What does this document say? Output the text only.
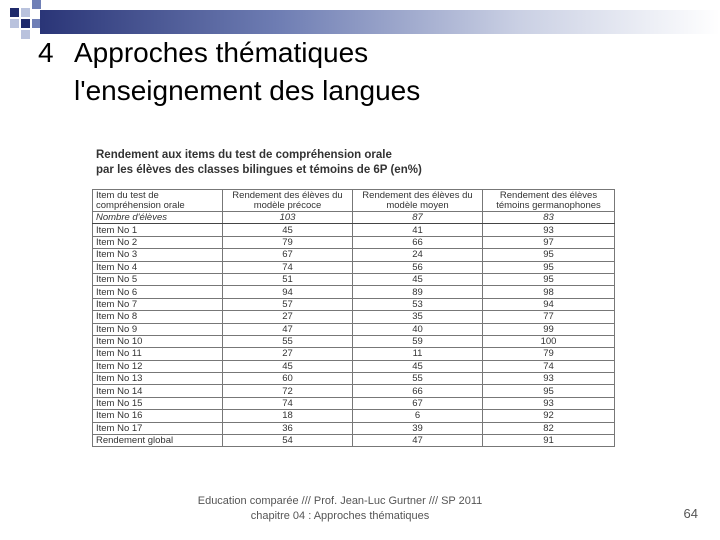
4 Approches thématiques
l'enseignement des langues
Rendement aux items du test de compréhension orale
par les élèves des classes bilingues et témoins de 6P (en%)
Item du test de compréhension orale	Rendement des élèves du modèle précoce	Rendement des élèves du modèle moyen	Rendement des élèves témoins germanophones
Nombre d'élèves	103	87	83
Item No 1	45	41	93
Item No 2	79	66	97
Item No 3	67	24	95
Item No 4	74	56	95
Item No 5	51	45	95
Item No 6	94	89	98
Item No 7	57	53	94
Item No 8	27	35	77
Item No 9	47	40	99
Item No 10	55	59	100
Item No 11	27	11	79
Item No 12	45	45	74
Item No 13	60	55	93
Item No 14	72	66	95
Item No 15	74	67	93
Item No 16	18	6	92
Item No 17	36	39	82
Rendement global	54	47	91
Education comparée /// Prof. Jean-Luc Gurtner /// SP 2011
chapitre 04 : Approches thématiques	64
